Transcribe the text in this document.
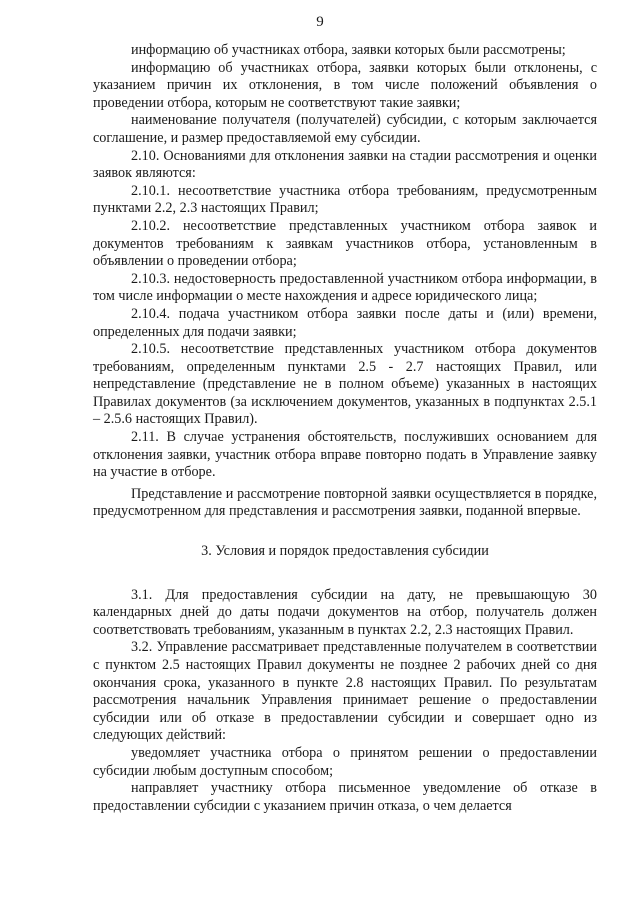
9

информацию об участниках отбора, заявки которых были рассмотрены;

информацию об участниках отбора, заявки которых были отклонены, с указанием причин их отклонения, в том числе положений объявления о проведении отбора, которым не соответствуют такие заявки;

наименование получателя (получателей) субсидии, с которым заключается соглашение, и размер предоставляемой ему субсидии.

2.10. Основаниями для отклонения заявки на стадии рассмотрения и оценки заявок являются:

2.10.1. несоответствие участника отбора требованиям, предусмотренным пунктами 2.2, 2.3 настоящих Правил;

2.10.2. несоответствие представленных участником отбора заявок и документов требованиям к заявкам участников отбора, установленным в объявлении о проведении отбора;

2.10.3. недостоверность предоставленной участником отбора информации, в том числе информации о месте нахождения и адресе юридического лица;

2.10.4. подача участником отбора заявки после даты и (или) времени, определенных для подачи заявки;

2.10.5. несоответствие представленных участником отбора документов требованиям, определенным пунктами 2.5 - 2.7 настоящих Правил, или непредставление (представление не в полном объеме) указанных в настоящих Правилах документов (за исключением документов, указанных в подпунктах 2.5.1 – 2.5.6 настоящих Правил).

2.11. В случае устранения обстоятельств, послуживших основанием для отклонения заявки, участник отбора вправе повторно подать в Управление заявку на участие в отборе.

Представление и рассмотрение повторной заявки осуществляется в порядке, предусмотренном для представления и рассмотрения заявки, поданной впервые.

3. Условия и порядок предоставления субсидии

3.1. Для предоставления субсидии на дату, не превышающую 30 календарных дней до даты подачи документов на отбор, получатель должен соответствовать требованиям, указанным в пунктах 2.2, 2.3 настоящих Правил.

3.2. Управление рассматривает представленные получателем в соответствии с пунктом 2.5 настоящих Правил документы не позднее 2 рабочих дней со дня окончания срока, указанного в пункте 2.8 настоящих Правил. По результатам рассмотрения начальник Управления принимает решение о предоставлении субсидии или об отказе в предоставлении субсидии и совершает одно из следующих действий:

уведомляет участника отбора о принятом решении о предоставлении субсидии любым доступным способом;

направляет участнику отбора письменное уведомление об отказе в предоставлении субсидии с указанием причин отказа, о чем делается
